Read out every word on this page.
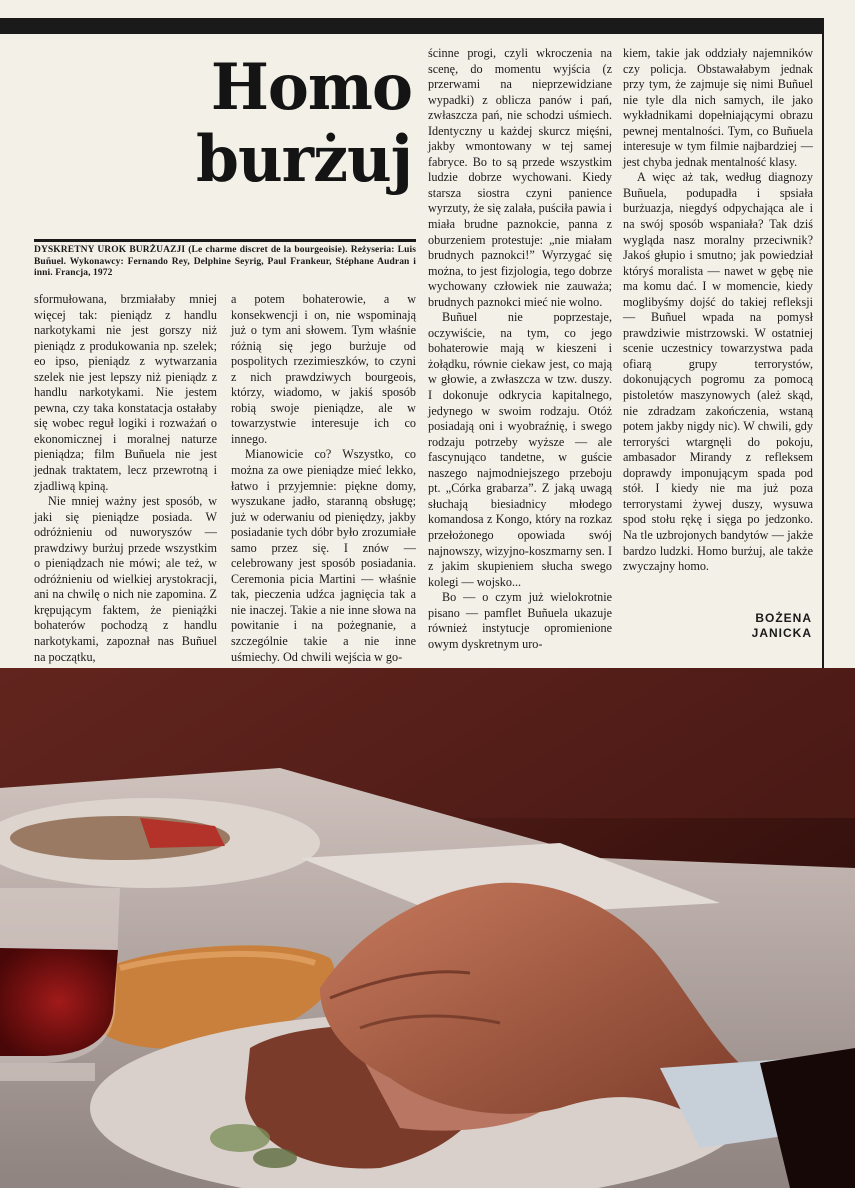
Homo
burżuj
DYSKRETNY UROK BURŻUAZJI (Le charme discret de la bourgeoisie). Reżyseria: Luis Buñuel. Wykonawcy: Fernando Rey, Delphine Seyrig, Paul Frankeur, Stéphane Audran i inni. Francja, 1972

sformułowana, brzmiałaby mniej więcej tak: pieniądz z handlu narkotykami nie jest gorszy niż pieniądz z produkowania np. szelek; eo ipso, pieniądz z wytwarzania szelek nie jest lepszy niż pieniądz z handlu narkotykami. Nie jestem pewna, czy taka konstatacja ostałaby się wobec reguł logiki i rozważań o ekonomicznej i moralnej naturze pieniądza; film Buñuela nie jest jednak traktatem, lecz przewrotną i zjadliwą kpiną.

Nie mniej ważny jest sposób, w jaki się pieniądze posiada. W odróżnieniu od nuworyszów — prawdziwy burżuj przede wszystkim o pieniądzach nie mówi; ale też, w odróżnieniu od wielkiej arystokracji, ani na chwilę o nich nie zapomina. Z krępującym faktem, że pieniążki bohaterów pochodzą z handlu narkotykami, zapoznał nas Buñuel na początku,

a potem bohaterowie, a w konsekwencji i on, nie wspominają już o tym ani słowem. Tym właśnie różnią się jego burżuje od pospolitych rzezimieszków, to czyni z nich prawdziwych bourgeois, którzy, wiadomo, w jakiś sposób robią swoje pieniądze, ale w towarzystwie interesuje ich co innego.

Mianowicie co? Wszystko, co można za owe pieniądze mieć lekko, łatwo i przyjemnie: piękne domy, wyszukane jadło, staranną obsługę; już w oderwaniu od pieniędzy, jakby posiadanie tych dóbr było zrozumiałe samo przez się. I znów — celebrowany jest sposób posiadania. Ceremonia picia Martini — właśnie tak, pieczenia udźca jagnięcia tak a nie inaczej. Takie a nie inne słowa na powitanie i na pożegnanie, a szczególnie takie a nie inne uśmiechy. Od chwili wejścia w go-

ścinne progi, czyli wkroczenia na scenę, do momentu wyjścia (z przerwami na nieprzewidziane wypadki) z oblicza panów i pań, zwłaszcza pań, nie schodzi uśmiech. Identyczny u każdej skurcz mięśni, jakby wmontowany w tej samej fabryce. Bo to są przede wszystkim ludzie dobrze wychowani. Kiedy starsza siostra czyni panience wyrzuty, że się zalała, puściła pawia i miała brudne paznokcie, panna z oburzeniem protestuje: „nie miałam brudnych paznokci!” Wyrzygać się można, to jest fizjologia, tego dobrze wychowany człowiek nie zauważa; brudnych paznokci mieć nie wolno.

Buñuel nie poprzestaje, oczywiście, na tym, co jego bohaterowie mają w kieszeni i żołądku, równie ciekaw jest, co mają w głowie, a zwłaszcza w tzw. duszy. I dokonuje odkrycia kapitalnego, jedynego w swoim rodzaju. Otóż posiadają oni i wyobraźnię, i swego rodzaju potrzeby wyższe — ale fascynująco tandetne, w guście naszego najmodniejszego przeboju pt. „Córka grabarza”. Z jaką uwagą słuchają biesiadnicy młodego komandosa z Kongo, który na rozkaz przełożonego opowiada swój najnowszy, wizyjno-koszmarny sen. I z jakim skupieniem słucha swego kolegi — wojsko...

Bo — o czym już wielokrotnie pisano — pamflet Buñuela ukazuje również instytucje opromienione owym dyskretnym uro-

kiem, takie jak oddziały najemników czy policja. Obstawałabym jednak przy tym, że zajmuje się nimi Buñuel nie tyle dla nich samych, ile jako wykładnikami dopełniającymi obrazu pewnej mentalności. Tym, co Buñuela interesuje w tym filmie najbardziej — jest chyba jednak mentalność klasy.

A więc aż tak, według diagnozy Buñuela, podupadła i spsiała burżuazja, niegdyś odpychająca ale i na swój sposób wspaniała? Tak dziś wygląda nasz moralny przeciwnik? Jakoś głupio i smutno; jak powiedział któryś moralista — nawet w gębę nie ma komu dać. I w momencie, kiedy moglibyśmy dojść do takiej refleksji — Buñuel wpada na pomysł prawdziwie mistrzowski. W ostatniej scenie uczestnicy towarzystwa pada ofiarą grupy terrorystów, dokonujących pogromu za pomocą pistoletów maszynowych (ależ skąd, nie zdradzam zakończenia, wstaną potem jakby nigdy nic). W chwili, gdy terroryści wtargnęli do pokoju, ambasador Mirandy z refleksem doprawdy imponującym spada pod stół. I kiedy nie ma już poza terrorystami żywej duszy, wysuwa spod stołu rękę i sięga po jedzonko. Na tle uzbrojonych bandytów — jakże bardzo ludzki. Homo burżuj, ale także zwyczajny homo.

BOŻENA
JANICKA
